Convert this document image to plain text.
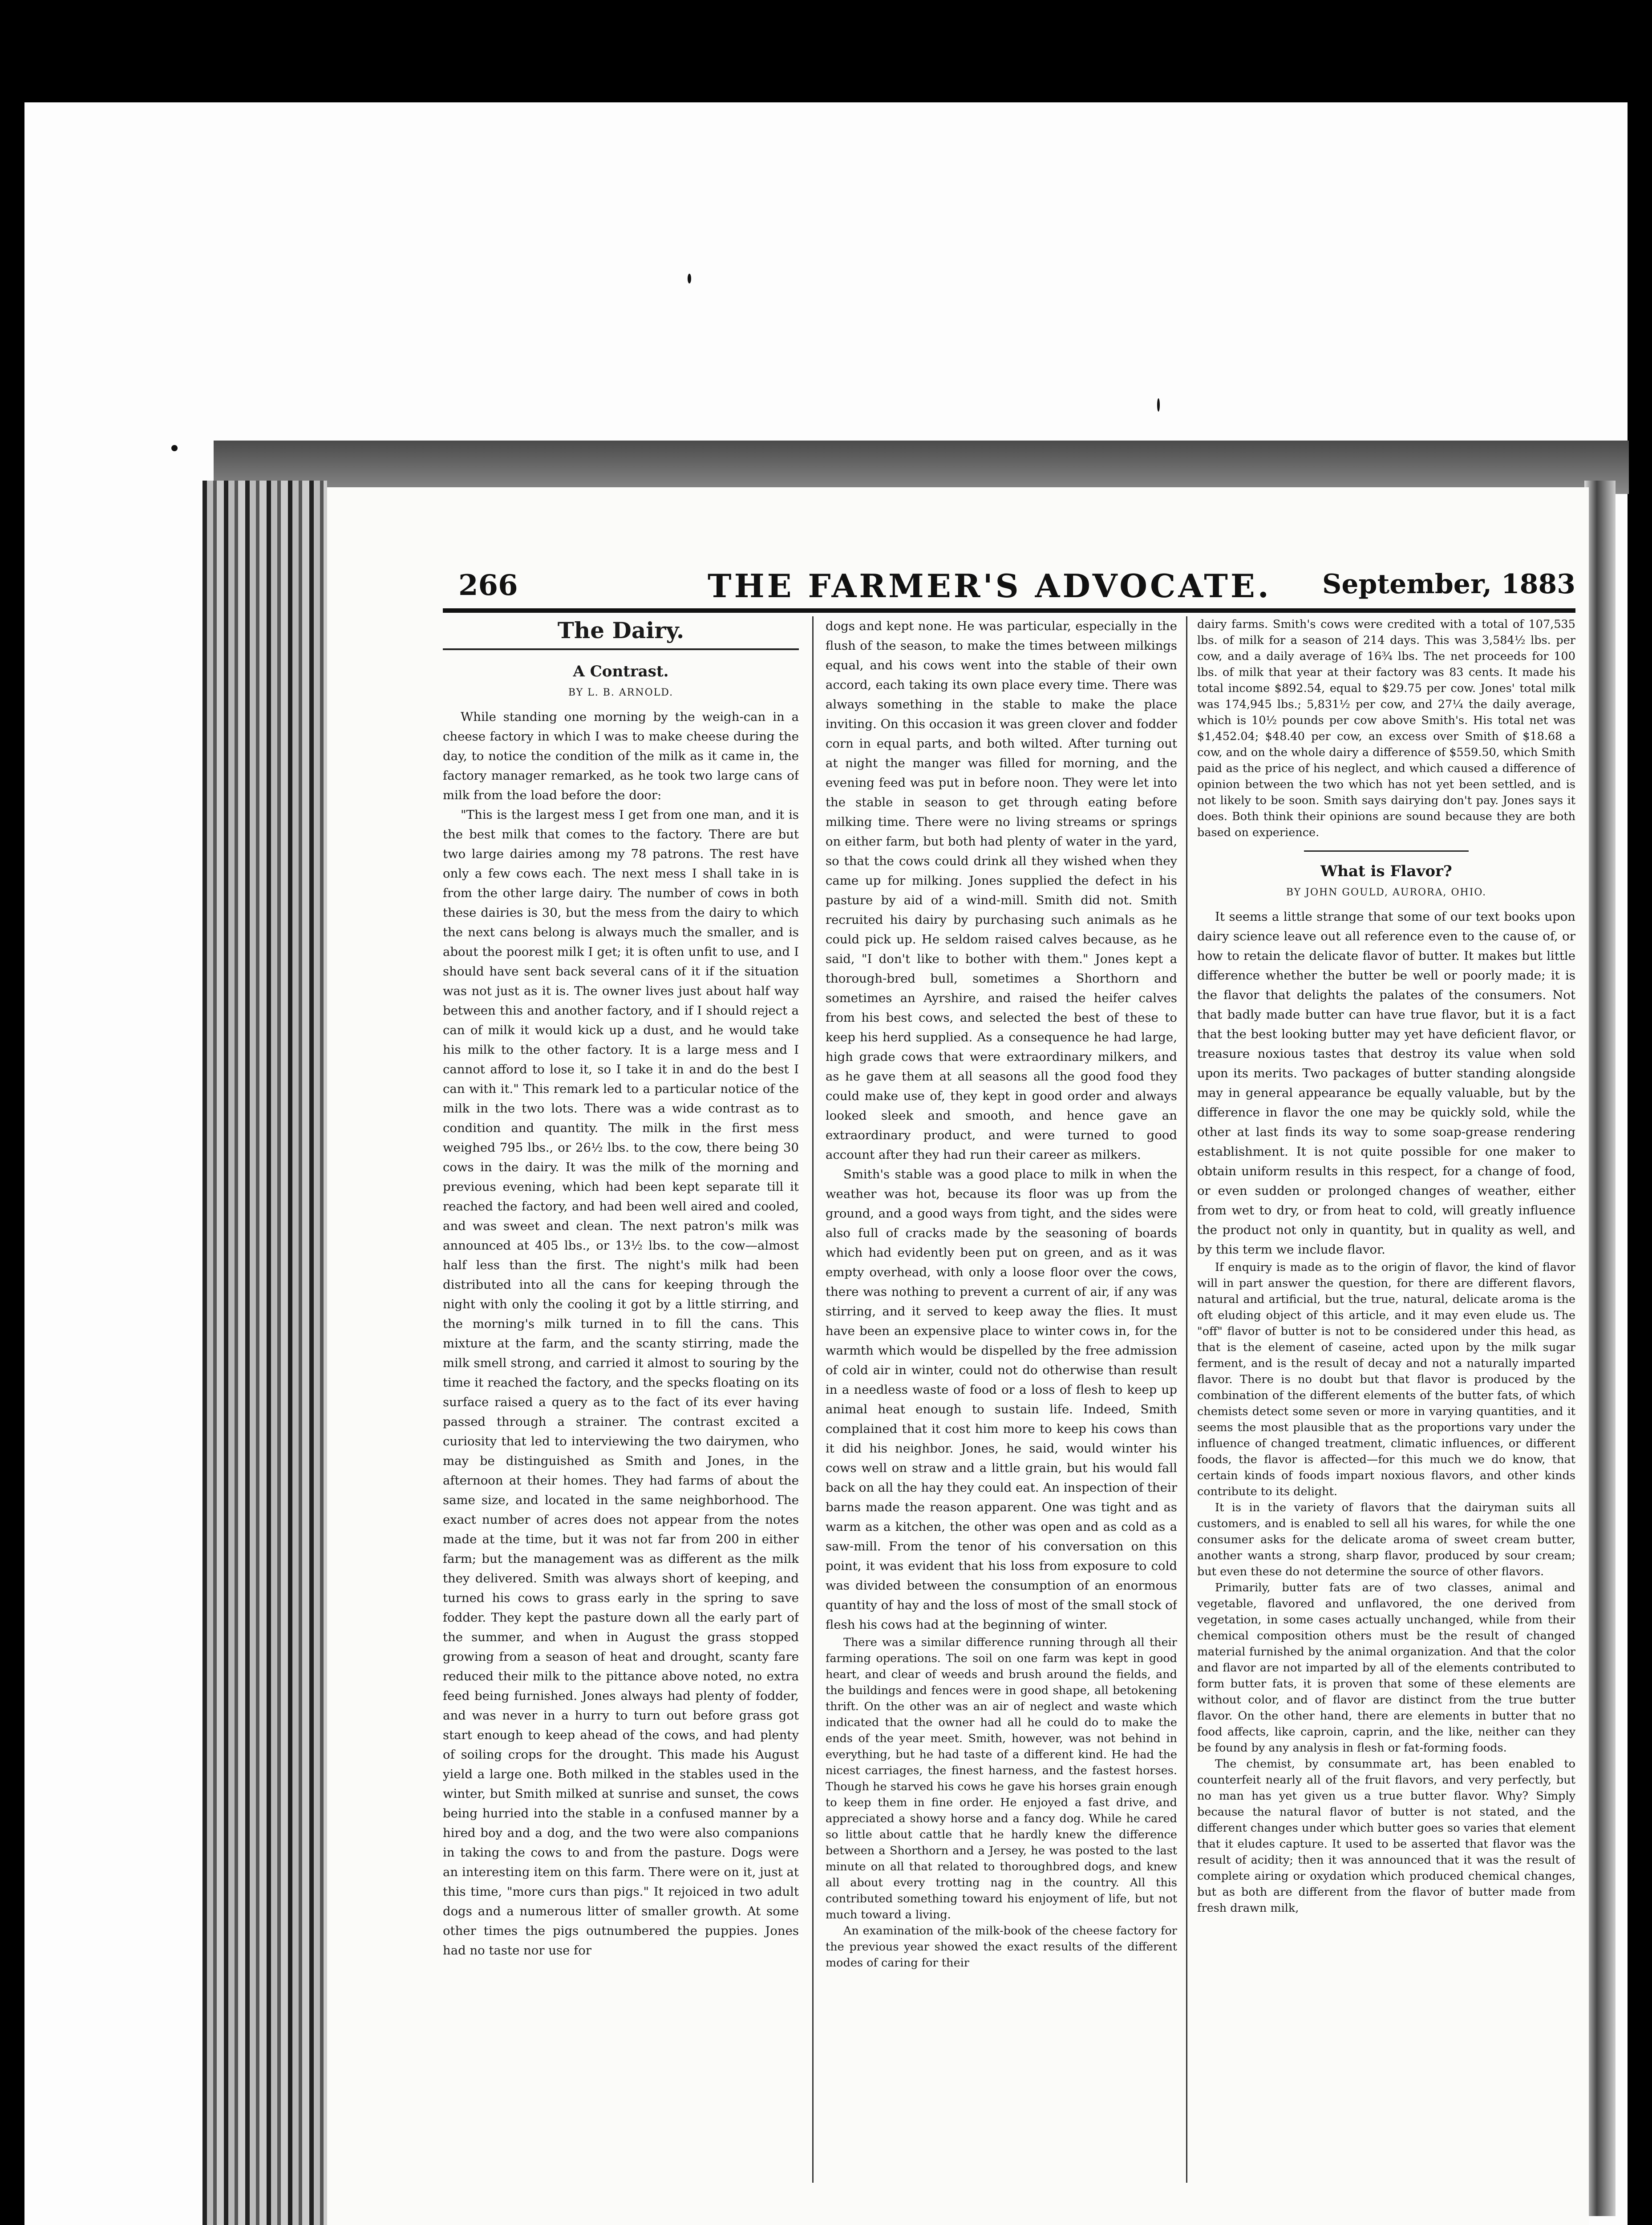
266	THE FARMER'S ADVOCATE. September, 1883
The Dairy.
A Contrast.
BY L. B. ARNOLD.

While standing one morning by the weigh-can in a cheese factory in which I was to make cheese during the day, to notice the condition of the milk as it came in, the factory manager remarked, as he took two large cans of milk from the load before the door:

"This is the largest mess I get from one man, and it is the best milk that comes to the factory. There are but two large dairies among my 78 patrons. The rest have only a few cows each. The next mess I shall take in is from the other large dairy. The number of cows in both these dairies is 30, but the mess from the dairy to which the next cans belong is always much the smaller, and is about the poorest milk I get; it is often unfit to use, and I should have sent back several cans of it if the situation was not just as it is. The owner lives just about half way between this and another factory, and if I should reject a can of milk it would kick up a dust, and he would take his milk to the other factory. It is a large mess and I cannot afford to lose it, so I take it in and do the best I can with it." This remark led to a particular notice of the milk in the two lots. There was a wide contrast as to condition and quantity. The milk in the first mess weighed 795 lbs., or 26½ lbs. to the cow, there being 30 cows in the dairy. It was the milk of the morning and previous evening, which had been kept separate till it reached the factory, and had been well aired and cooled, and was sweet and clean. The next patron's milk was announced at 405 lbs., or 13½ lbs. to the cow—almost half less than the first. The night's milk had been distributed into all the cans for keeping through the night with only the cooling it got by a little stirring, and the morning's milk turned in to fill the cans. This mixture at the farm, and the scanty stirring, made the milk smell strong, and carried it almost to souring by the time it reached the factory, and the specks floating on its surface raised a query as to the fact of its ever having passed through a strainer. The contrast excited a curiosity that led to interviewing the two dairymen, who may be distinguished as Smith and Jones, in the afternoon at their homes. They had farms of about the same size, and located in the same neighborhood. The exact number of acres does not appear from the notes made at the time, but it was not far from 200 in either farm; but the management was as different as the milk they delivered. Smith was always short of keeping, and turned his cows to grass early in the spring to save fodder. They kept the pasture down all the early part of the summer, and when in August the grass stopped growing from a season of heat and drought, scanty fare reduced their milk to the pittance above noted, no extra feed being furnished. Jones always had plenty of fodder, and was never in a hurry to turn out before grass got start enough to keep ahead of the cows, and had plenty of soiling crops for the drought. This made his August yield a large one. Both milked in the stables used in the winter, but Smith milked at sunrise and sunset, the cows being hurried into the stable in a confused manner by a hired boy and a dog, and the two were also companions in taking the cows to and from the pasture. Dogs were an interesting item on this farm. There were on it, just at this time, "more curs than pigs." It rejoiced in two adult dogs and a numerous litter of smaller growth. At some other times the pigs outnumbered the puppies. Jones had no taste nor use for

dogs and kept none. He was particular, especially in the flush of the season, to make the times between milkings equal, and his cows went into the stable of their own accord, each taking its own place every time. There was always something in the stable to make the place inviting. On this occasion it was green clover and fodder corn in equal parts, and both wilted. After turning out at night the manger was filled for morning, and the evening feed was put in before noon. They were let into the stable in season to get through eating before milking time. There were no living streams or springs on either farm, but both had plenty of water in the yard, so that the cows could drink all they wished when they came up for milking. Jones supplied the defect in his pasture by aid of a wind-mill. Smith did not. Smith recruited his dairy by purchasing such animals as he could pick up. He seldom raised calves because, as he said, "I don't like to bother with them." Jones kept a thorough-bred bull, sometimes a Shorthorn and sometimes an Ayrshire, and raised the heifer calves from his best cows, and selected the best of these to keep his herd supplied. As a consequence he had large, high grade cows that were extraordinary milkers, and as he gave them at all seasons all the good food they could make use of, they kept in good order and always looked sleek and smooth, and hence gave an extraordinary product, and were turned to good account after they had run their career as milkers.

Smith's stable was a good place to milk in when the weather was hot, because its floor was up from the ground, and a good ways from tight, and the sides were also full of cracks made by the seasoning of boards which had evidently been put on green, and as it was empty overhead, with only a loose floor over the cows, there was nothing to prevent a current of air, if any was stirring, and it served to keep away the flies. It must have been an expensive place to winter cows in, for the warmth which would be dispelled by the free admission of cold air in winter, could not do otherwise than result in a needless waste of food or a loss of flesh to keep up animal heat enough to sustain life. Indeed, Smith complained that it cost him more to keep his cows than it did his neighbor. Jones, he said, would winter his cows well on straw and a little grain, but his would fall back on all the hay they could eat. An inspection of their barns made the reason apparent. One was tight and as warm as a kitchen, the other was open and as cold as a saw-mill. From the tenor of his conversation on this point, it was evident that his loss from exposure to cold was divided between the consumption of an enormous quantity of hay and the loss of most of the small stock of flesh his cows had at the beginning of winter.

There was a similar difference running through all their farming operations. The soil on one farm was kept in good heart, and clear of weeds and brush around the fields, and the buildings and fences were in good shape, all betokening thrift. On the other was an air of neglect and waste which indicated that the owner had all he could do to make the ends of the year meet. Smith, however, was not behind in everything, but he had taste of a different kind. He had the nicest carriages, the finest harness, and the fastest horses. Though he starved his cows he gave his horses grain enough to keep them in fine order. He enjoyed a fast drive, and appreciated a showy horse and a fancy dog. While he cared so little about cattle that he hardly knew the difference between a Shorthorn and a Jersey, he was posted to the last minute on all that related to thoroughbred dogs, and knew all about every trotting nag in the country. All this contributed something toward his enjoyment of life, but not much toward a living.

An examination of the milk-book of the cheese factory for the previous year showed the exact results of the different modes of caring for their

dairy farms. Smith's cows were credited with a total of 107,535 lbs. of milk for a season of 214 days. This was 3,584½ lbs. per cow, and a daily average of 16¾ lbs. The net proceeds for 100 lbs. of milk that year at their factory was 83 cents. It made his total income $892.54, equal to $29.75 per cow. Jones' total milk was 174,945 lbs.; 5,831½ per cow, and 27¼ the daily average, which is 10½ pounds per cow above Smith's. His total net was $1,452.04; $48.40 per cow, an excess over Smith of $18.68 a cow, and on the whole dairy a difference of $559.50, which Smith paid as the price of his neglect, and which caused a difference of opinion between the two which has not yet been settled, and is not likely to be soon. Smith says dairying don't pay. Jones says it does. Both think their opinions are sound because they are both based on experience.

What is Flavor?
BY JOHN GOULD, AURORA, OHIO.

It seems a little strange that some of our text books upon dairy science leave out all reference even to the cause of, or how to retain the delicate flavor of butter. It makes but little difference whether the butter be well or poorly made; it is the flavor that delights the palates of the consumers. Not that badly made butter can have true flavor, but it is a fact that the best looking butter may yet have deficient flavor, or treasure noxious tastes that destroy its value when sold upon its merits. Two packages of butter standing alongside may in general appearance be equally valuable, but by the difference in flavor the one may be quickly sold, while the other at last finds its way to some soap-grease rendering establishment. It is not quite possible for one maker to obtain uniform results in this respect, for a change of food, or even sudden or prolonged changes of weather, either from wet to dry, or from heat to cold, will greatly influence the product not only in quantity, but in quality as well, and by this term we include flavor.

If enquiry is made as to the origin of flavor, the kind of flavor will in part answer the question, for there are different flavors, natural and artificial, but the true, natural, delicate aroma is the oft eluding object of this article, and it may even elude us. The "off" flavor of butter is not to be considered under this head, as that is the element of caseine, acted upon by the milk sugar ferment, and is the result of decay and not a naturally imparted flavor. There is no doubt but that flavor is produced by the combination of the different elements of the butter fats, of which chemists detect some seven or more in varying quantities, and it seems the most plausible that as the proportions vary under the influence of changed treatment, climatic influences, or different foods, the flavor is affected—for this much we do know, that certain kinds of foods impart noxious flavors, and other kinds contribute to its delight.

It is in the variety of flavors that the dairyman suits all customers, and is enabled to sell all his wares, for while the one consumer asks for the delicate aroma of sweet cream butter, another wants a strong, sharp flavor, produced by sour cream; but even these do not determine the source of other flavors.

Primarily, butter fats are of two classes, animal and vegetable, flavored and unflavored, the one derived from vegetation, in some cases actually unchanged, while from their chemical composition others must be the result of changed material furnished by the animal organization. And that the color and flavor are not imparted by all of the elements contributed to form butter fats, it is proven that some of these elements are without color, and of flavor are distinct from the true butter flavor. On the other hand, there are elements in butter that no food affects, like caproin, caprin, and the like, neither can they be found by any analysis in flesh or fat-forming foods.

The chemist, by consummate art, has been enabled to counterfeit nearly all of the fruit flavors, and very perfectly, but no man has yet given us a true butter flavor. Why? Simply because the natural flavor of butter is not stated, and the different changes under which butter goes so varies that element that it eludes capture. It used to be asserted that flavor was the result of acidity; then it was announced that it was the result of complete airing or oxydation which produced chemical changes, but as both are different from the flavor of butter made from fresh drawn milk,
